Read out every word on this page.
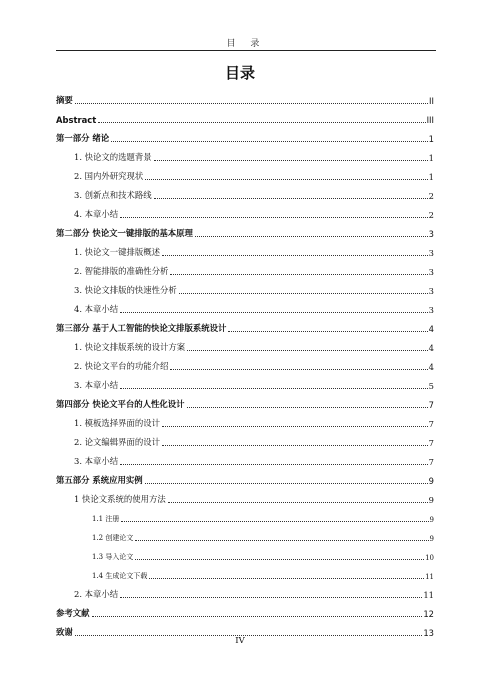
目 录
目录
摘要	II
Abstract	III
第一部分 绪论	1
1. 快论文的选题背景	1
2. 国内外研究现状	1
3. 创新点和技术路线	2
4. 本章小结	2
第二部分 快论文一键排版的基本原理	3
1. 快论文一键排版概述	3
2. 智能排版的准确性分析	3
3. 快论文排版的快速性分析	3
4. 本章小结	3
第三部分 基于人工智能的快论文排版系统设计	4
1. 快论文排版系统的设计方案	4
2. 快论文平台的功能介绍	4
3. 本章小结	5
第四部分 快论文平台的人性化设计	7
1. 模板选择界面的设计	7
2. 论文编辑界面的设计	7
3. 本章小结	7
第五部分 系统应用实例	9
1 快论文系统的使用方法	9
1.1 注册	9
1.2 创建论文	9
1.3 导入论文	10
1.4 生成论文下载	11
2. 本章小结	11
参考文献	12
致谢	13
IV
